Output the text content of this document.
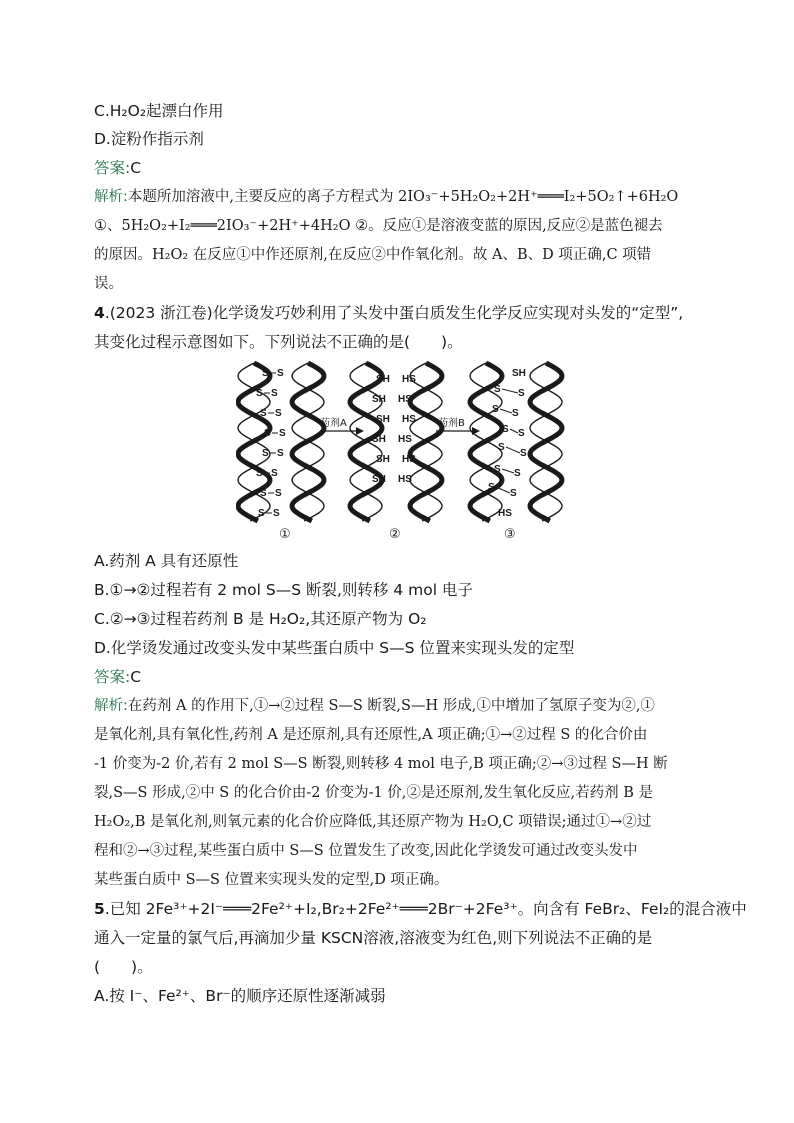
C.H₂O₂起漂白作用
D.淀粉作指示剂
答案:C
解析:本题所加溶液中,主要反应的离子方程式为 2IO₃⁻+5H₂O₂+2H⁺═══I₂+5O₂↑+6H₂O
①、5H₂O₂+I₂═══2IO₃⁻+2H⁺+4H₂O ②。反应①是溶液变蓝的原因,反应②是蓝色褪去
的原因。H₂O₂ 在反应①中作还原剂,在反应②中作氧化剂。故 A、B、D 项正确,C 项错
误。
4.(2023 浙江卷)化学烫发巧妙利用了头发中蛋白质发生化学反应实现对头发的“定型”,
其变化过程示意图如下。下列说法不正确的是(　　)。
S S
S S
S S
S S
S S
S S
S S
S S
SH HS
SH HS
SH HS
SH HS
SH HS
SH HS
SH
S S
S S
S S
S
S
S S
S
S
HS
药剂A	药剂B
①	②	③
A.药剂 A 具有还原性
B.①→②过程若有 2 mol S—S 断裂,则转移 4 mol 电子
C.②→③过程若药剂 B 是 H₂O₂,其还原产物为 O₂
D.化学烫发通过改变头发中某些蛋白质中 S—S 位置来实现头发的定型
答案:C
解析:在药剂 A 的作用下,①→②过程 S—S 断裂,S—H 形成,①中增加了氢原子变为②,①
是氧化剂,具有氧化性,药剂 A 是还原剂,具有还原性,A 项正确;①→②过程 S 的化合价由
-1 价变为-2 价,若有 2 mol S—S 断裂,则转移 4 mol 电子,B 项正确;②→③过程 S—H 断
裂,S—S 形成,②中 S 的化合价由-2 价变为-1 价,②是还原剂,发生氧化反应,若药剂 B 是
H₂O₂,B 是氧化剂,则氧元素的化合价应降低,其还原产物为 H₂O,C 项错误;通过①→②过
程和②→③过程,某些蛋白质中 S—S 位置发生了改变,因此化学烫发可通过改变头发中
某些蛋白质中 S—S 位置来实现头发的定型,D 项正确。
5.已知 2Fe³⁺+2I⁻═══2Fe²⁺+I₂,Br₂+2Fe²⁺═══2Br⁻+2Fe³⁺。向含有 FeBr₂、FeI₂的混合液中
通入一定量的氯气后,再滴加少量 KSCN溶液,溶液变为红色,则下列说法不正确的是
(　　)。
A.按 I⁻、Fe²⁺、Br⁻的顺序还原性逐渐减弱
